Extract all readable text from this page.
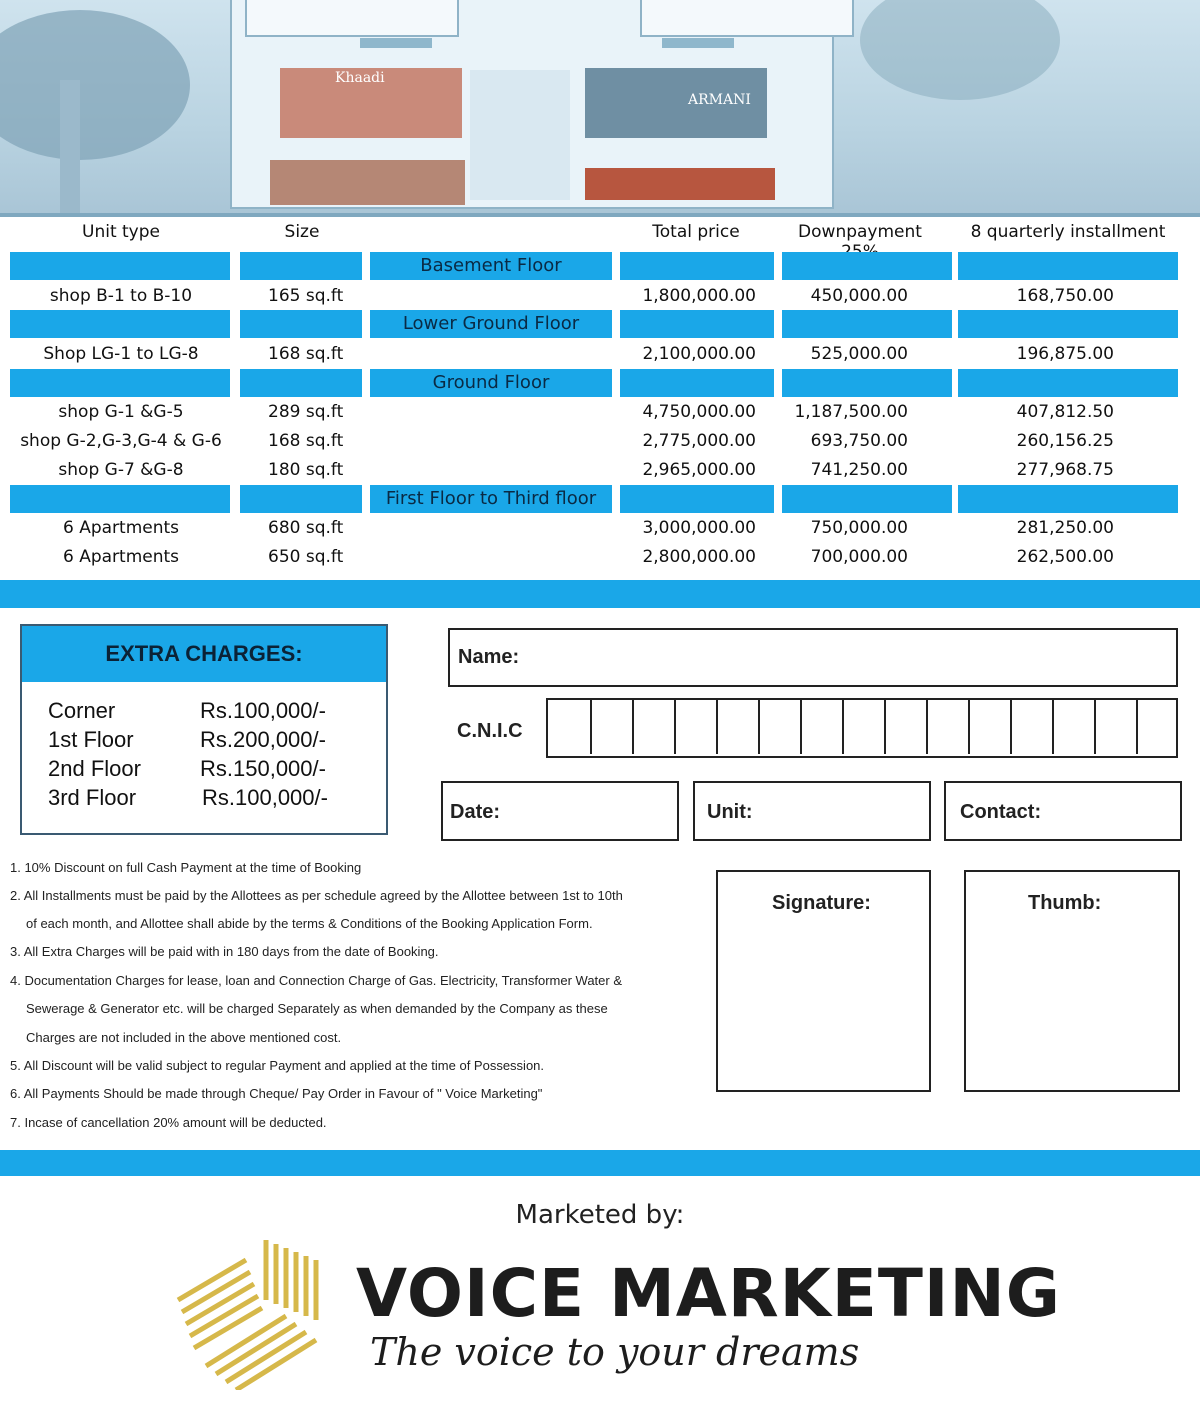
Khaadi
ARMANI
Unit type	Size	Total price	Downpayment	8 quarterly installment
Basement Floor
shop B-1 to B-10	165 sq.ft	1,800,000.00	450,000.00	168,750.00
Lower Ground Floor
Shop LG-1 to LG-8	168 sq.ft	2,100,000.00	525,000.00	196,875.00
Ground Floor
shop G-1 &G-5	289 sq.ft	4,750,000.00	1,187,500.00	407,812.50
shop G-2,G-3,G-4 & G-6	168 sq.ft	2,775,000.00	693,750.00	260,156.25
shop G-7 &G-8	180 sq.ft	2,965,000.00	741,250.00	277,968.75
First Floor to Third floor
6 Apartments	680 sq.ft	3,000,000.00	750,000.00	281,250.00
6 Apartments	650 sq.ft	2,800,000.00	700,000.00	262,500.00
EXTRA CHARGES:
Corner	Rs.100,000/-
1st Floor	Rs.200,000/-
2nd Floor	Rs.150,000/-
3rd Floor	Rs.100,000/-
Name:
C.N.I.C
Date:	Unit:	Contact:
Signature:	Thumb:
1. 10% Discount on full Cash Payment at the time of Booking
2. All Installments must be paid by the Allottees as per schedule agreed by the Allottee between 1st to 10th
of each month, and Allottee shall abide by the terms & Conditions of the Booking Application Form.
3. All Extra Charges will be paid with in 180 days from the date of Booking.
4. Documentation Charges for lease, loan and Connection Charge of Gas. Electricity, Transformer Water &
Sewerage & Generator etc. will be charged Separately as when demanded by the Company as these
Charges are not included in the above mentioned cost.
5. All Discount will be valid subject to regular Payment and applied at the time of Possession.
6. All Payments Should be made through Cheque/ Pay Order in Favour of " Voice Marketing"
7. Incase of cancellation 20% amount will be deducted.
Marketed by:
VOICE MARKETING
The voice to your dreams
